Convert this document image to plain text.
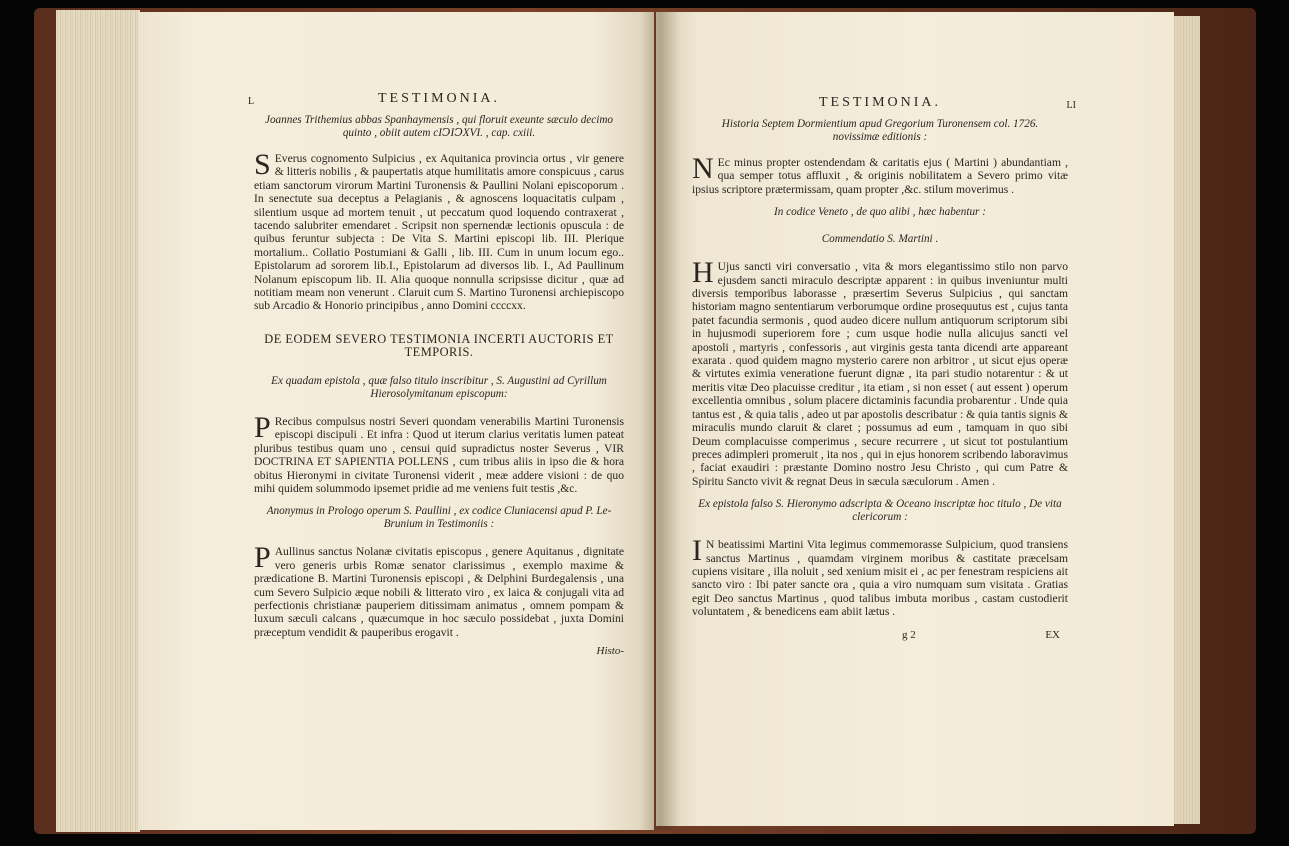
L	TESTIMONIA.
Joannes Trithemius abbas Spanhaymensis , qui floruit exeunte sæculo decimo quinto , obiit autem cIↃIↃXVI. , cap. cxiii.

S Everus cognomento Sulpicius , ex Aquitanica provincia ortus , vir genere & litteris nobilis , & paupertatis atque humilitatis amore conspicuus , carus etiam sanctorum virorum Martini Turonensis & Paullini Nolani episcoporum . In senectute sua deceptus a Pelagianis , & agnoscens loquacitatis culpam , silentium usque ad mortem tenuit , ut peccatum quod loquendo contraxerat , tacendo salubriter emendaret . Scripsit non spernendæ lectionis opuscula : de quibus feruntur subjecta : De Vita S. Martini episcopi lib. III. Plerique mortalium.. Collatio Postumiani & Galli , lib. III. Cum in unum locum ego.. Epistolarum ad sororem lib.I., Epistolarum ad diversos lib. I., Ad Paullinum Nolanum episcopum lib. II. Alia quoque nonnulla scripsisse dicitur , quæ ad notitiam meam non venerunt . Claruit cum S. Martino Turonensi archiepiscopo sub Arcadio & Honorio principibus , anno Domini ccccxx.

DE EODEM SEVERO TESTIMONIA INCERTI AUCTORIS ET TEMPORIS.
Ex quadam epistola , quæ falso titulo inscribitur , S. Augustini ad Cyrillum Hierosolymitanum episcopum:

P Recibus compulsus nostri Severi quondam venerabilis Martini Turonensis episcopi discipuli . Et infra : Quod ut iterum clarius veritatis lumen pateat pluribus testibus quam uno , censui quid supradictus noster Severus , VIR DOCTRINA ET SAPIENTIA POLLENS , cum tribus aliis in ipso die & hora obitus Hieronymi in civitate Turonensi viderit , meæ addere visioni : de quo mihi quidem solummodo ipsemet pridie ad me veniens fuit testis ,&c.

Anonymus in Prologo operum S. Paullini , ex codice Cluniacensi apud P. Le-Brunium in Testimoniis :

P Aullinus sanctus Nolanæ civitatis episcopus , genere Aquitanus , dignitate vero generis urbis Romæ senator clarissimus , exemplo maxime & prædicatione B. Martini Turonensis episcopi , & Delphini Burdegalensis , una cum Severo Sulpicio æque nobili & litterato viro , ex laica & conjugali vita ad perfectionis christianæ pauperiem ditissimam animatus , omnem pompam & luxum sæculi calcans , quæcumque in hoc sæculo possidebat , juxta Domini præceptum vendidit & pauperibus erogavit .

Histo-
TESTIMONIA.	LI
Historia Septem Dormientium apud Gregorium Turonensem col. 1726. novissimæ editionis :

N Ec minus propter ostendendam & caritatis ejus ( Martini ) abundantiam , qua semper totus affluxit , & originis nobilitatem a Severo primo vitæ ipsius scriptore prætermissam, quam propter ,&c. stilum moverimus .

In codice Veneto , de quo alibi , hæc habentur :
Commendatio S. Martini .

H Ujus sancti viri conversatio , vita & mors elegantissimo stilo non parvo ejusdem sancti miraculo descriptæ apparent : in quibus inveniuntur multi diversis temporibus laborasse , præsertim Severus Sulpicius , qui sanctam historiam magno sententiarum verborumque ordine prosequutus est , cujus tanta patet facundia sermonis , quod audeo dicere nullum antiquorum scriptorum sibi in hujusmodi superiorem fore ; cum usque hodie nulla alicujus sancti vel apostoli , martyris , confessoris , aut virginis gesta tanta dicendi arte appareant exarata . quod quidem magno mysterio carere non arbitror , ut sicut ejus operæ & virtutes eximia veneratione fuerunt dignæ , ita pari studio notarentur : & ut meritis vitæ Deo placuisse creditur , ita etiam , si non esset ( aut essent ) operum excellentia omnibus , solum placere dictaminis facundia probarentur . Unde quia tantus est , & quia talis , adeo ut par apostolis describatur : & quia tantis signis & miraculis mundo claruit & claret ; possumus ad eum , tamquam in quo sibi Deum complacuisse comperimus , secure recurrere , ut sicut tot postulantium preces adimpleri promeruit , ita nos , qui in ejus honorem scribendo laboravimus , faciat exaudiri : præstante Domino nostro Jesu Christo , qui cum Patre & Spiritu Sancto vivit & regnat Deus in sæcula sæculorum . Amen .

Ex epistola falso S. Hieronymo adscripta & Oceano inscriptæ hoc titulo , De vita clericorum :

I N beatissimi Martini Vita legimus commemorasse Sulpicium, quod transiens sanctus Martinus , quamdam virginem moribus & castitate præcelsam cupiens visitare , illa noluit , sed xenium misit ei , ac per fenestram respiciens ait sancto viro : Ibi pater sancte ora , quia a viro numquam sum visitata . Gratias egit Deo sanctus Martinus , quod talibus imbuta moribus , castam custodierit voluntatem , & benedicens eam abiit lætus .

g 2	EX
